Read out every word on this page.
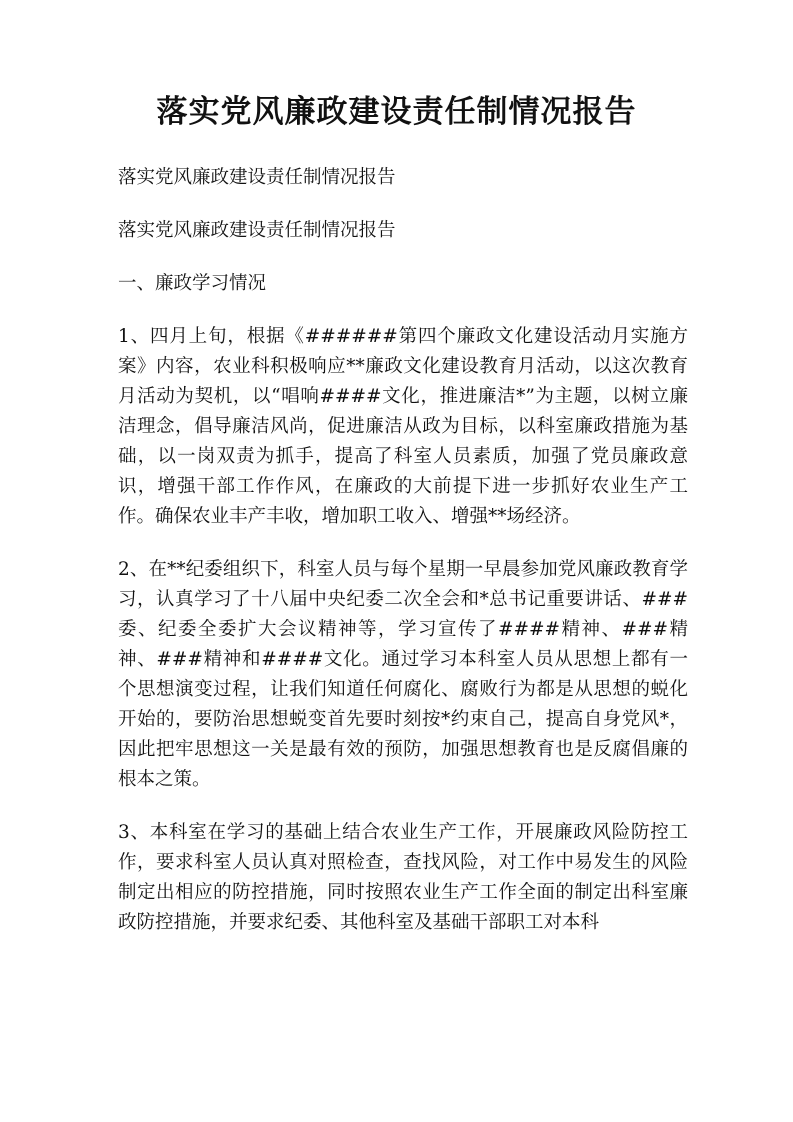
落实党风廉政建设责任制情况报告

落实党风廉政建设责任制情况报告

落实党风廉政建设责任制情况报告

一、廉政学习情况

1、四月上旬，根据《######第四个廉政文化建设活动月实施方案》内容，农业科积极响应**廉政文化建设教育月活动，以这次教育月活动为契机，以“唱响####文化，推进廉洁*”为主题，以树立廉洁理念，倡导廉洁风尚，促进廉洁从政为目标，以科室廉政措施为基础，以一岗双责为抓手，提高了科室人员素质，加强了党员廉政意识，增强干部工作作风，在廉政的大前提下进一步抓好农业生产工作。确保农业丰产丰收，增加职工收入、增强**场经济。

2、在**纪委组织下，科室人员与每个星期一早晨参加党风廉政教育学习，认真学习了十八届中央纪委二次全会和*总书记重要讲话、###委、纪委全委扩大会议精神等，学习宣传了####精神、###精神、###精神和####文化。通过学习本科室人员从思想上都有一个思想演变过程，让我们知道任何腐化、腐败行为都是从思想的蜕化开始的，要防治思想蜕变首先要时刻按*约束自己，提高自身党风*，因此把牢思想这一关是最有效的预防，加强思想教育也是反腐倡廉的根本之策。

3、本科室在学习的基础上结合农业生产工作，开展廉政风险防控工作，要求科室人员认真对照检查，查找风险，对工作中易发生的风险制定出相应的防控措施，同时按照农业生产工作全面的制定出科室廉政防控措施，并要求纪委、其他科室及基础干部职工对本科
